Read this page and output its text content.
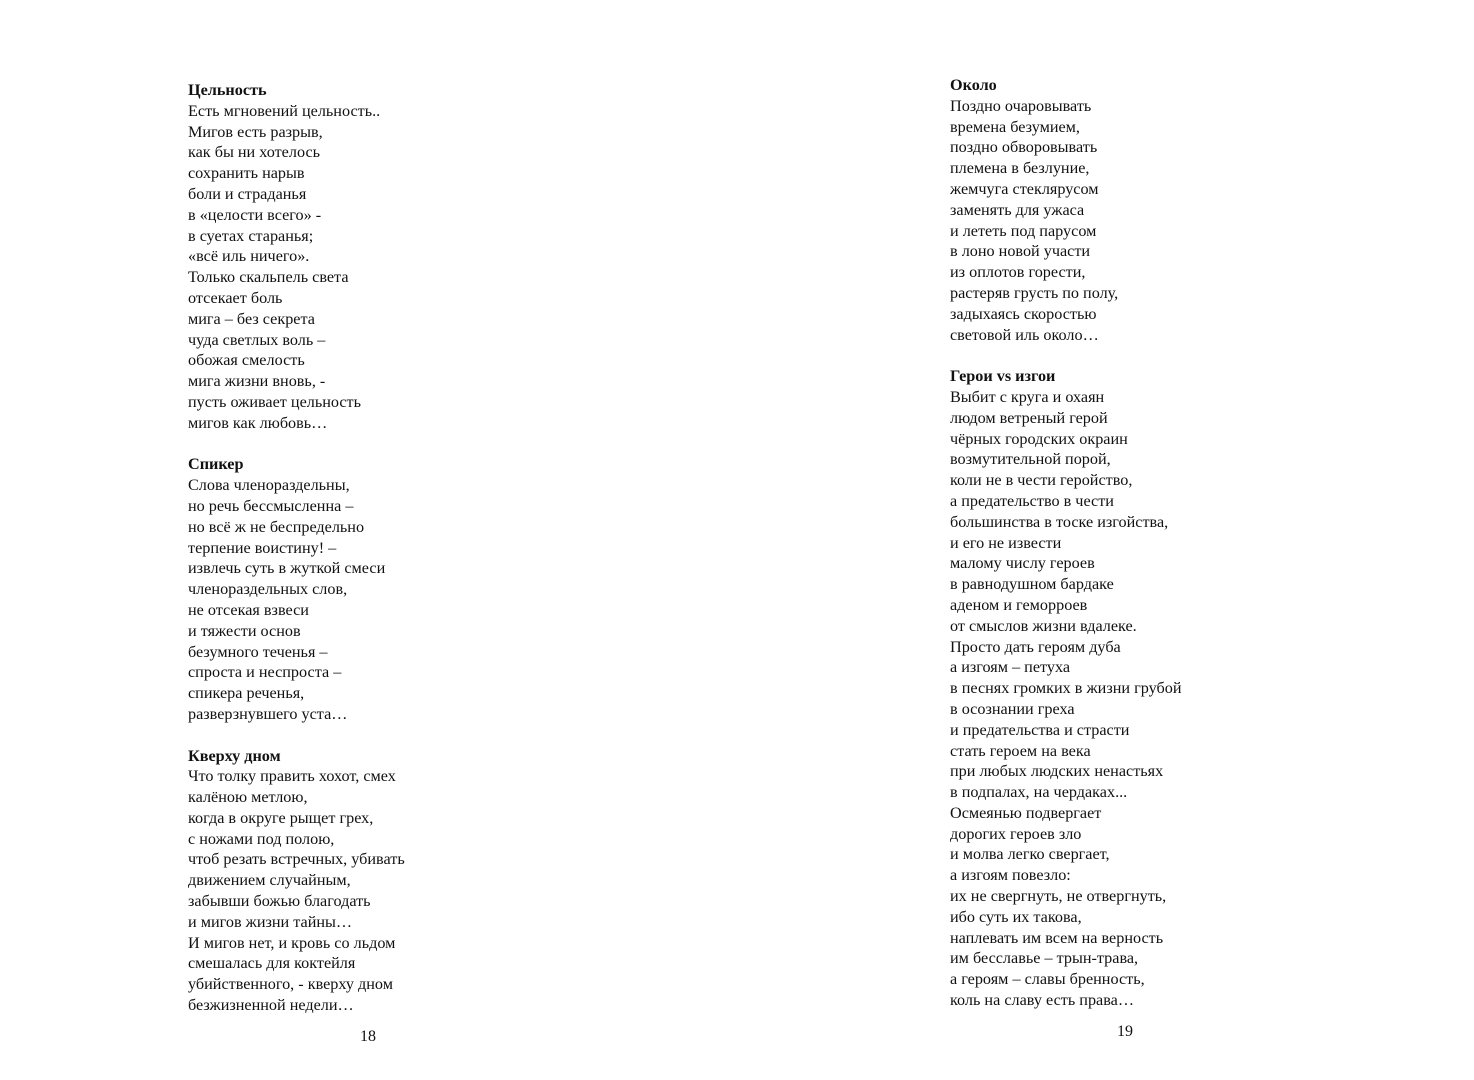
Цельность
Есть мгновений цельность..
Мигов есть разрыв,
как бы ни хотелось
сохранить нарыв
боли и страданья
в «целости всего» -
в суетах старанья;
«всё иль ничего».
Только скальпель света
отсекает боль
мига – без секрета
чуда светлых воль –
обожая смелость
мига жизни вновь, -
пусть оживает цельность
мигов как любовь…
Спикер
Слова членораздельны,
но речь бессмысленна –
но всё ж не беспредельно
терпение воистину! –
извлечь суть в жуткой смеси
членораздельных слов,
не отсекая взвеси
и тяжести основ
безумного теченья –
спроста и неспроста –
спикера реченья,
разверзнувшего уста…
Кверху дном
Что толку править хохот, смех
калёною метлою,
когда в округе рыщет грех,
с ножами под полою,
чтоб резать встречных, убивать
движением случайным,
забывши божью благодать
и мигов жизни тайны…
И мигов нет, и кровь со льдом
смешалась для коктейля
убийственного, - кверху дном
безжизненной недели…
18
Около
Поздно очаровывать
времена безумием,
поздно обворовывать
племена в безлуние,
жемчуга стеклярусом
заменять для ужаса
и лететь под парусом
в лоно новой участи
из оплотов горести,
растеряв грусть по полу,
задыхаясь скоростью
световой иль около…
Герои vs изгои
Выбит с круга и охаян
людом ветреный герой
чёрных городских окраин
возмутительной порой,
коли не в чести геройство,
а предательство в чести
большинства в тоске изгойства,
и его не извести
малому числу героев
в равнодушном бардаке
аденом и геморроев
от смыслов жизни вдалеке.
Просто дать героям дуба
а изгоям – петуха
в песнях громких в жизни грубой
в осознании греха
и предательства и страсти
стать героем на века
при любых людских ненастьях
в подпалах, на чердаках...
Осмеянью подвергает
дорогих героев зло
и молва легко свергает,
а изгоям повезло:
их не свергнуть, не отвергнуть,
ибо суть их такова,
наплевать им всем на верность
им бесславье – трын-трава,
а героям – славы бренность,
коль на славу есть права…
19
